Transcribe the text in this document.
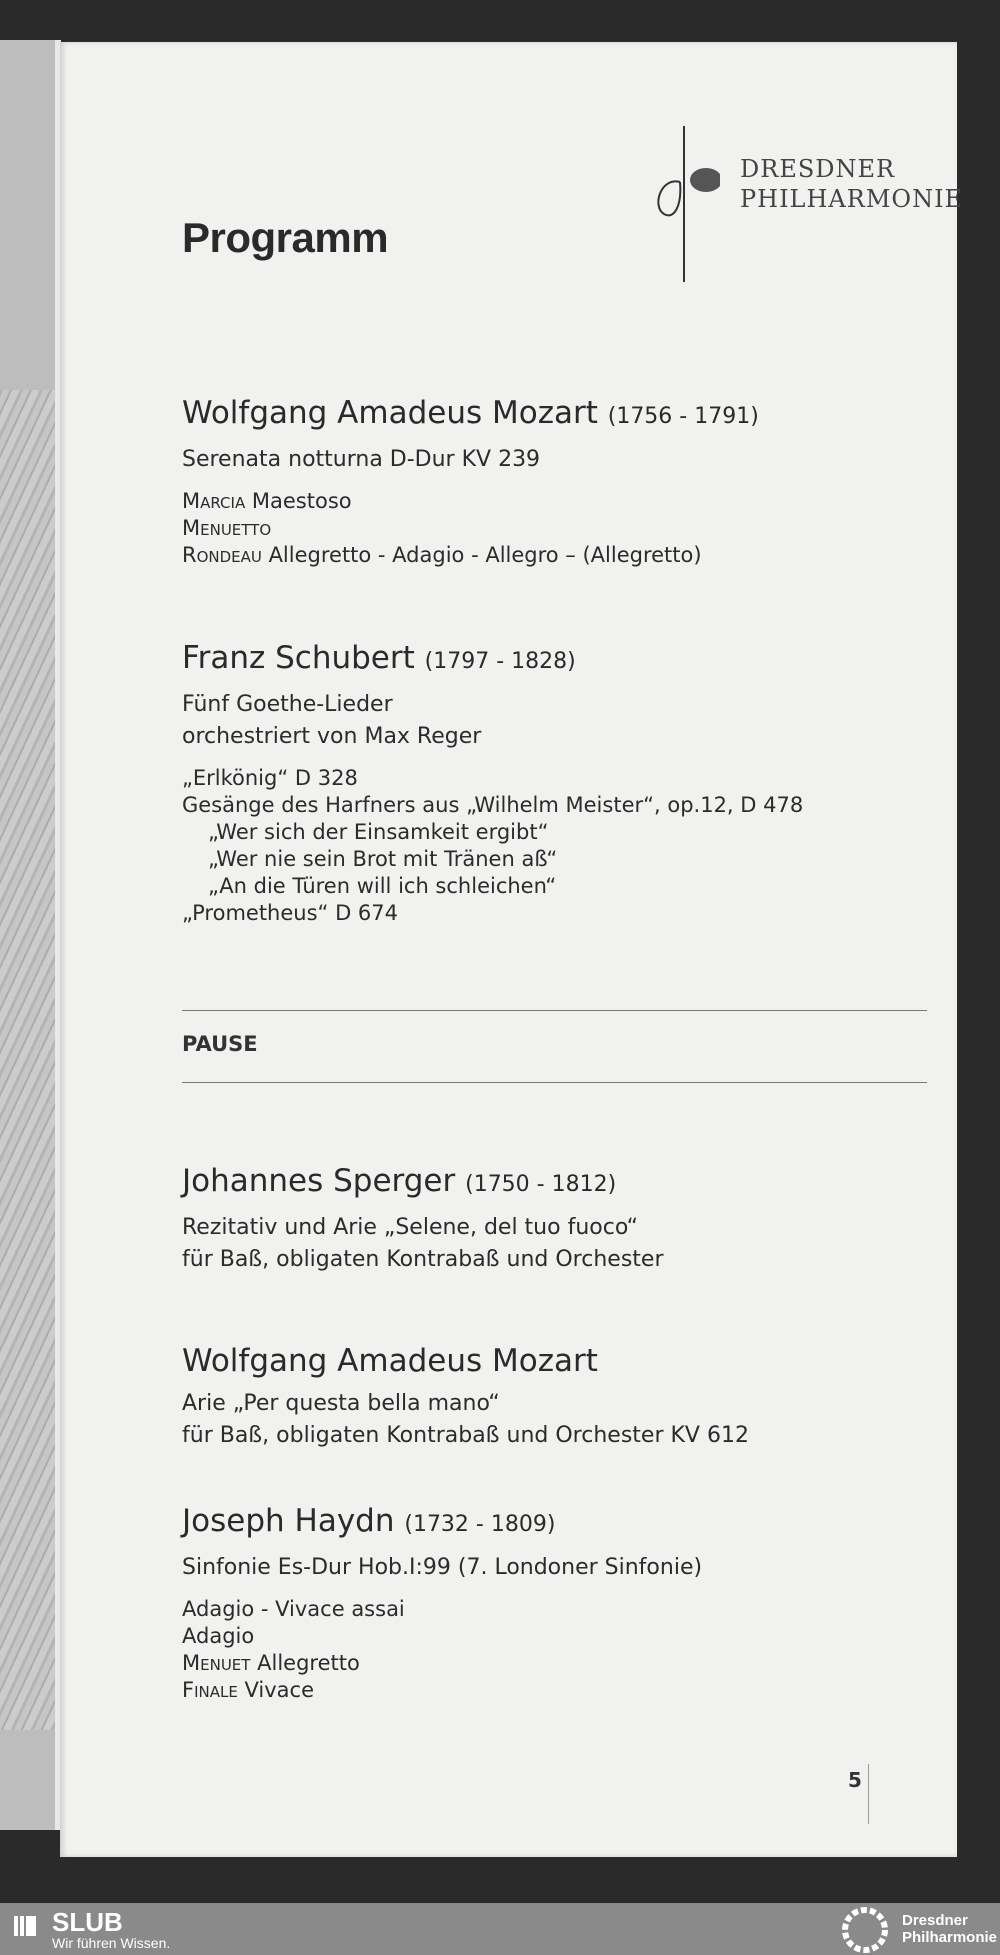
DRESDNER
PHILHARMONIE
Programm
Wolfgang Amadeus Mozart (1756 - 1791)
Serenata notturna D-Dur KV 239
Marcia Maestoso
Menuetto
Rondeau Allegretto - Adagio - Allegro – (Allegretto)
Franz Schubert (1797 - 1828)
Fünf Goethe-Lieder
orchestriert von Max Reger
„Erlkönig“ D 328
Gesänge des Harfners aus „Wilhelm Meister“, op.12, D 478
„Wer sich der Einsamkeit ergibt“
„Wer nie sein Brot mit Tränen aß“
„An die Türen will ich schleichen“
„Prometheus“ D 674
PAUSE
Johannes Sperger (1750 - 1812)
Rezitativ und Arie „Selene, del tuo fuoco“
für Baß, obligaten Kontrabaß und Orchester
Wolfgang Amadeus Mozart
Arie „Per questa bella mano“
für Baß, obligaten Kontrabaß und Orchester KV 612
Joseph Haydn (1732 - 1809)
Sinfonie Es-Dur Hob.I:99 (7. Londoner Sinfonie)
Adagio - Vivace assai
Adagio
Menuet Allegretto
Finale Vivace
5
SLUB
Wir führen Wissen.
Dresdner
Philharmonie
